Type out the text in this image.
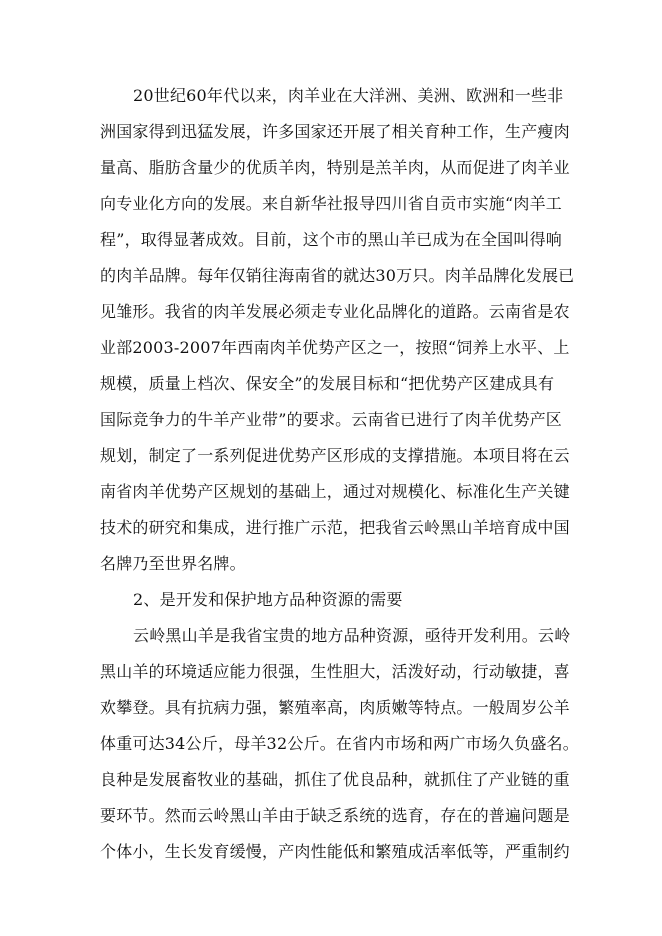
20世纪60年代以来，肉羊业在大洋洲、美洲、欧洲和一些非
洲国家得到迅猛发展，许多国家还开展了相关育种工作，生产瘦肉
量高、脂肪含量少的优质羊肉，特别是羔羊肉，从而促进了肉羊业
向专业化方向的发展。来自新华社报导四川省自贡市实施“肉羊工
程”，取得显著成效。目前，这个市的黑山羊已成为在全国叫得响
的肉羊品牌。每年仅销往海南省的就达30万只。肉羊品牌化发展已
见雏形。我省的肉羊发展必须走专业化品牌化的道路。云南省是农
业部2003-2007年西南肉羊优势产区之一，按照“饲养上水平、上
规模，质量上档次、保安全”的发展目标和“把优势产区建成具有
国际竞争力的牛羊产业带”的要求。云南省已进行了肉羊优势产区
规划，制定了一系列促进优势产区形成的支撑措施。本项目将在云
南省肉羊优势产区规划的基础上，通过对规模化、标准化生产关键
技术的研究和集成，进行推广示范，把我省云岭黑山羊培育成中国
名牌乃至世界名牌。
2、是开发和保护地方品种资源的需要
云岭黑山羊是我省宝贵的地方品种资源，亟待开发利用。云岭
黑山羊的环境适应能力很强，生性胆大，活泼好动，行动敏捷，喜
欢攀登。具有抗病力强，繁殖率高，肉质嫩等特点。一般周岁公羊
体重可达34公斤，母羊32公斤。在省内市场和两广市场久负盛名。
良种是发展畜牧业的基础，抓住了优良品种，就抓住了产业链的重
要环节。然而云岭黑山羊由于缺乏系统的选育，存在的普遍问题是
个体小，生长发育缓慢，产肉性能低和繁殖成活率低等，严重制约
